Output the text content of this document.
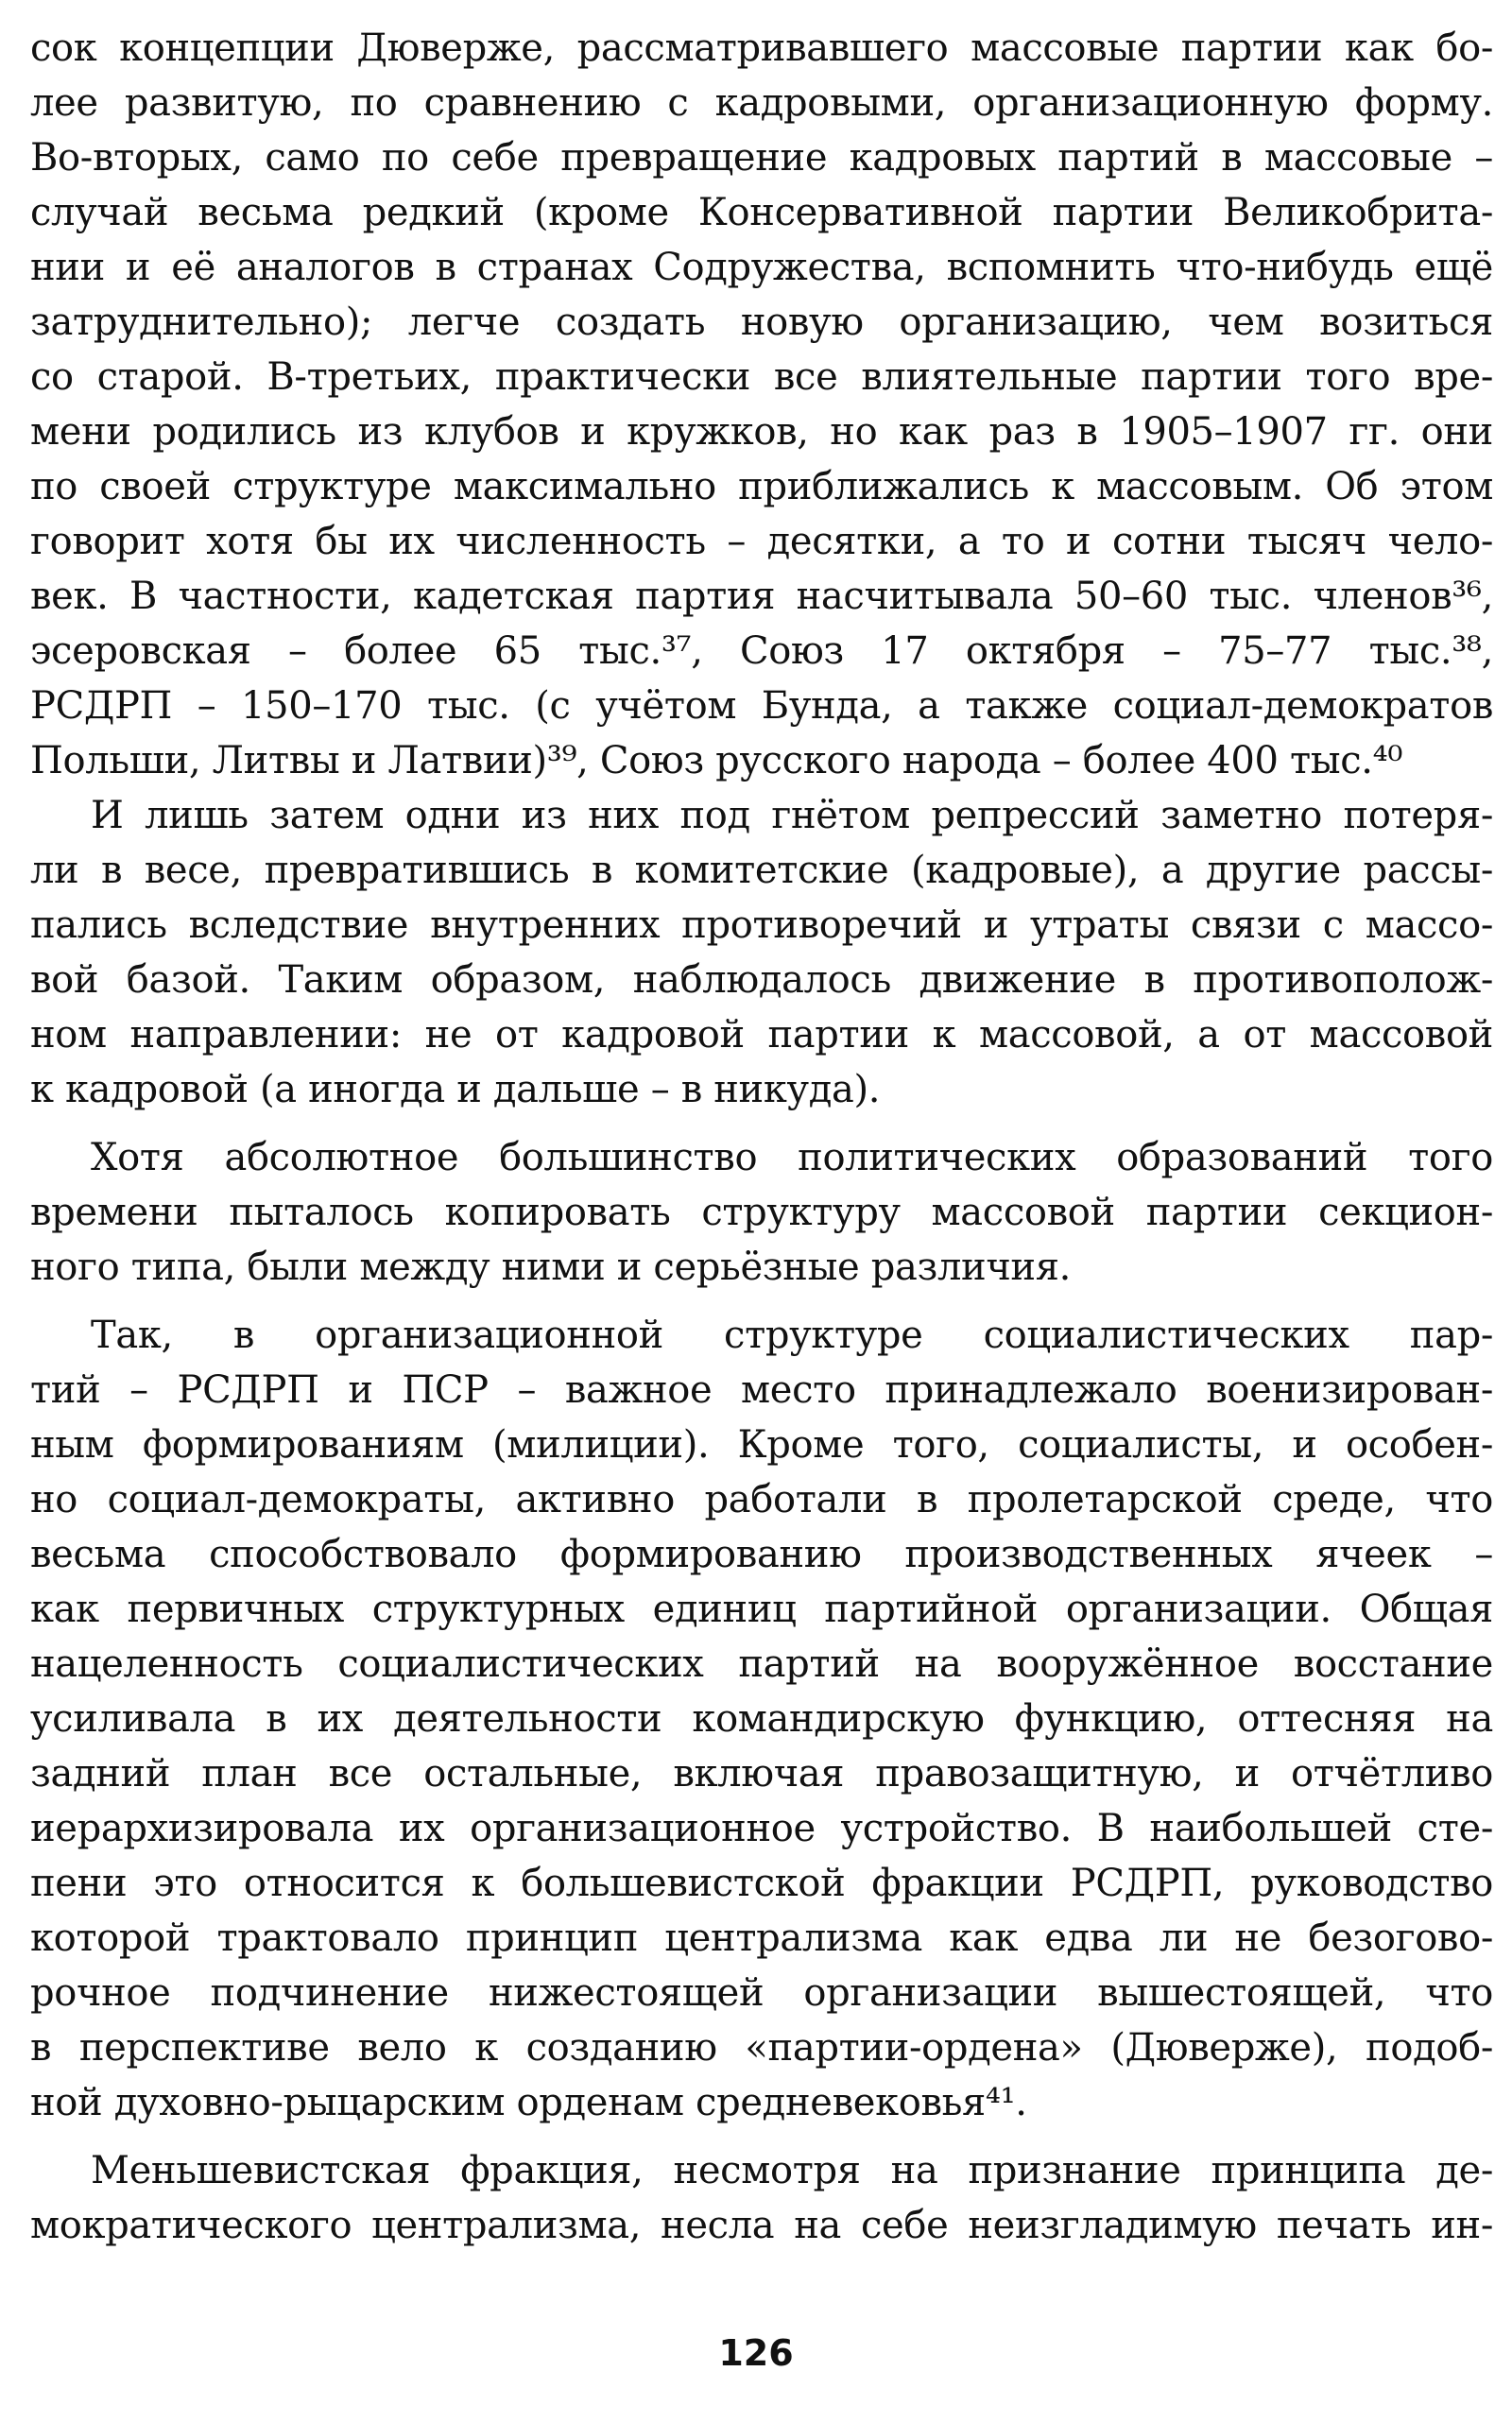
сок концепции Дюверже, рассматривавшего массовые партии как бо-
лее развитую, по сравнению с кадровыми, организационную форму.
Во-вторых, само по себе превращение кадровых партий в массовые –
случай весьма редкий (кроме Консервативной партии Великобрита-
нии и её аналогов в странах Содружества, вспомнить что-нибудь ещё
затруднительно); легче создать новую организацию, чем возиться
со старой. В-третьих, практически все влиятельные партии того вре-
мени родились из клубов и кружков, но как раз в 1905–1907 гг. они
по своей структуре максимально приближались к массовым. Об этом
говорит хотя бы их численность – десятки, а то и сотни тысяч чело-
век. В частности, кадетская партия насчитывала 50–60 тыс. членов³⁶,
эсеровская – более 65 тыс.³⁷, Союз 17 октября – 75–77 тыс.³⁸,
РСДРП – 150–170 тыс. (с учётом Бунда, а также социал-демократов
Польши, Литвы и Латвии)³⁹, Союз русского народа – более 400 тыс.⁴⁰
И лишь затем одни из них под гнётом репрессий заметно потеря-
ли в весе, превратившись в комитетские (кадровые), а другие рассы-
пались вследствие внутренних противоречий и утраты связи с массо-
вой базой. Таким образом, наблюдалось движение в противополож-
ном направлении: не от кадровой партии к массовой, а от массовой
к кадровой (а иногда и дальше – в никуда).
Хотя абсолютное большинство политических образований того
времени пыталось копировать структуру массовой партии секцион-
ного типа, были между ними и серьёзные различия.
Так, в организационной структуре социалистических пар-
тий – РСДРП и ПСР – важное место принадлежало военизирован-
ным формированиям (милиции). Кроме того, социалисты, и особен-
но социал-демократы, активно работали в пролетарской среде, что
весьма способствовало формированию производственных ячеек –
как первичных структурных единиц партийной организации. Общая
нацеленность социалистических партий на вооружённое восстание
усиливала в их деятельности командирскую функцию, оттесняя на
задний план все остальные, включая правозащитную, и отчётливо
иерархизировала их организационное устройство. В наибольшей сте-
пени это относится к большевистской фракции РСДРП, руководство
которой трактовало принцип централизма как едва ли не безогово-
рочное подчинение нижестоящей организации вышестоящей, что
в перспективе вело к созданию «партии-ордена» (Дюверже), подоб-
ной духовно-рыцарским орденам средневековья⁴¹.
Меньшевистская фракция, несмотря на признание принципа де-
мократического централизма, несла на себе неизгладимую печать ин-
126
